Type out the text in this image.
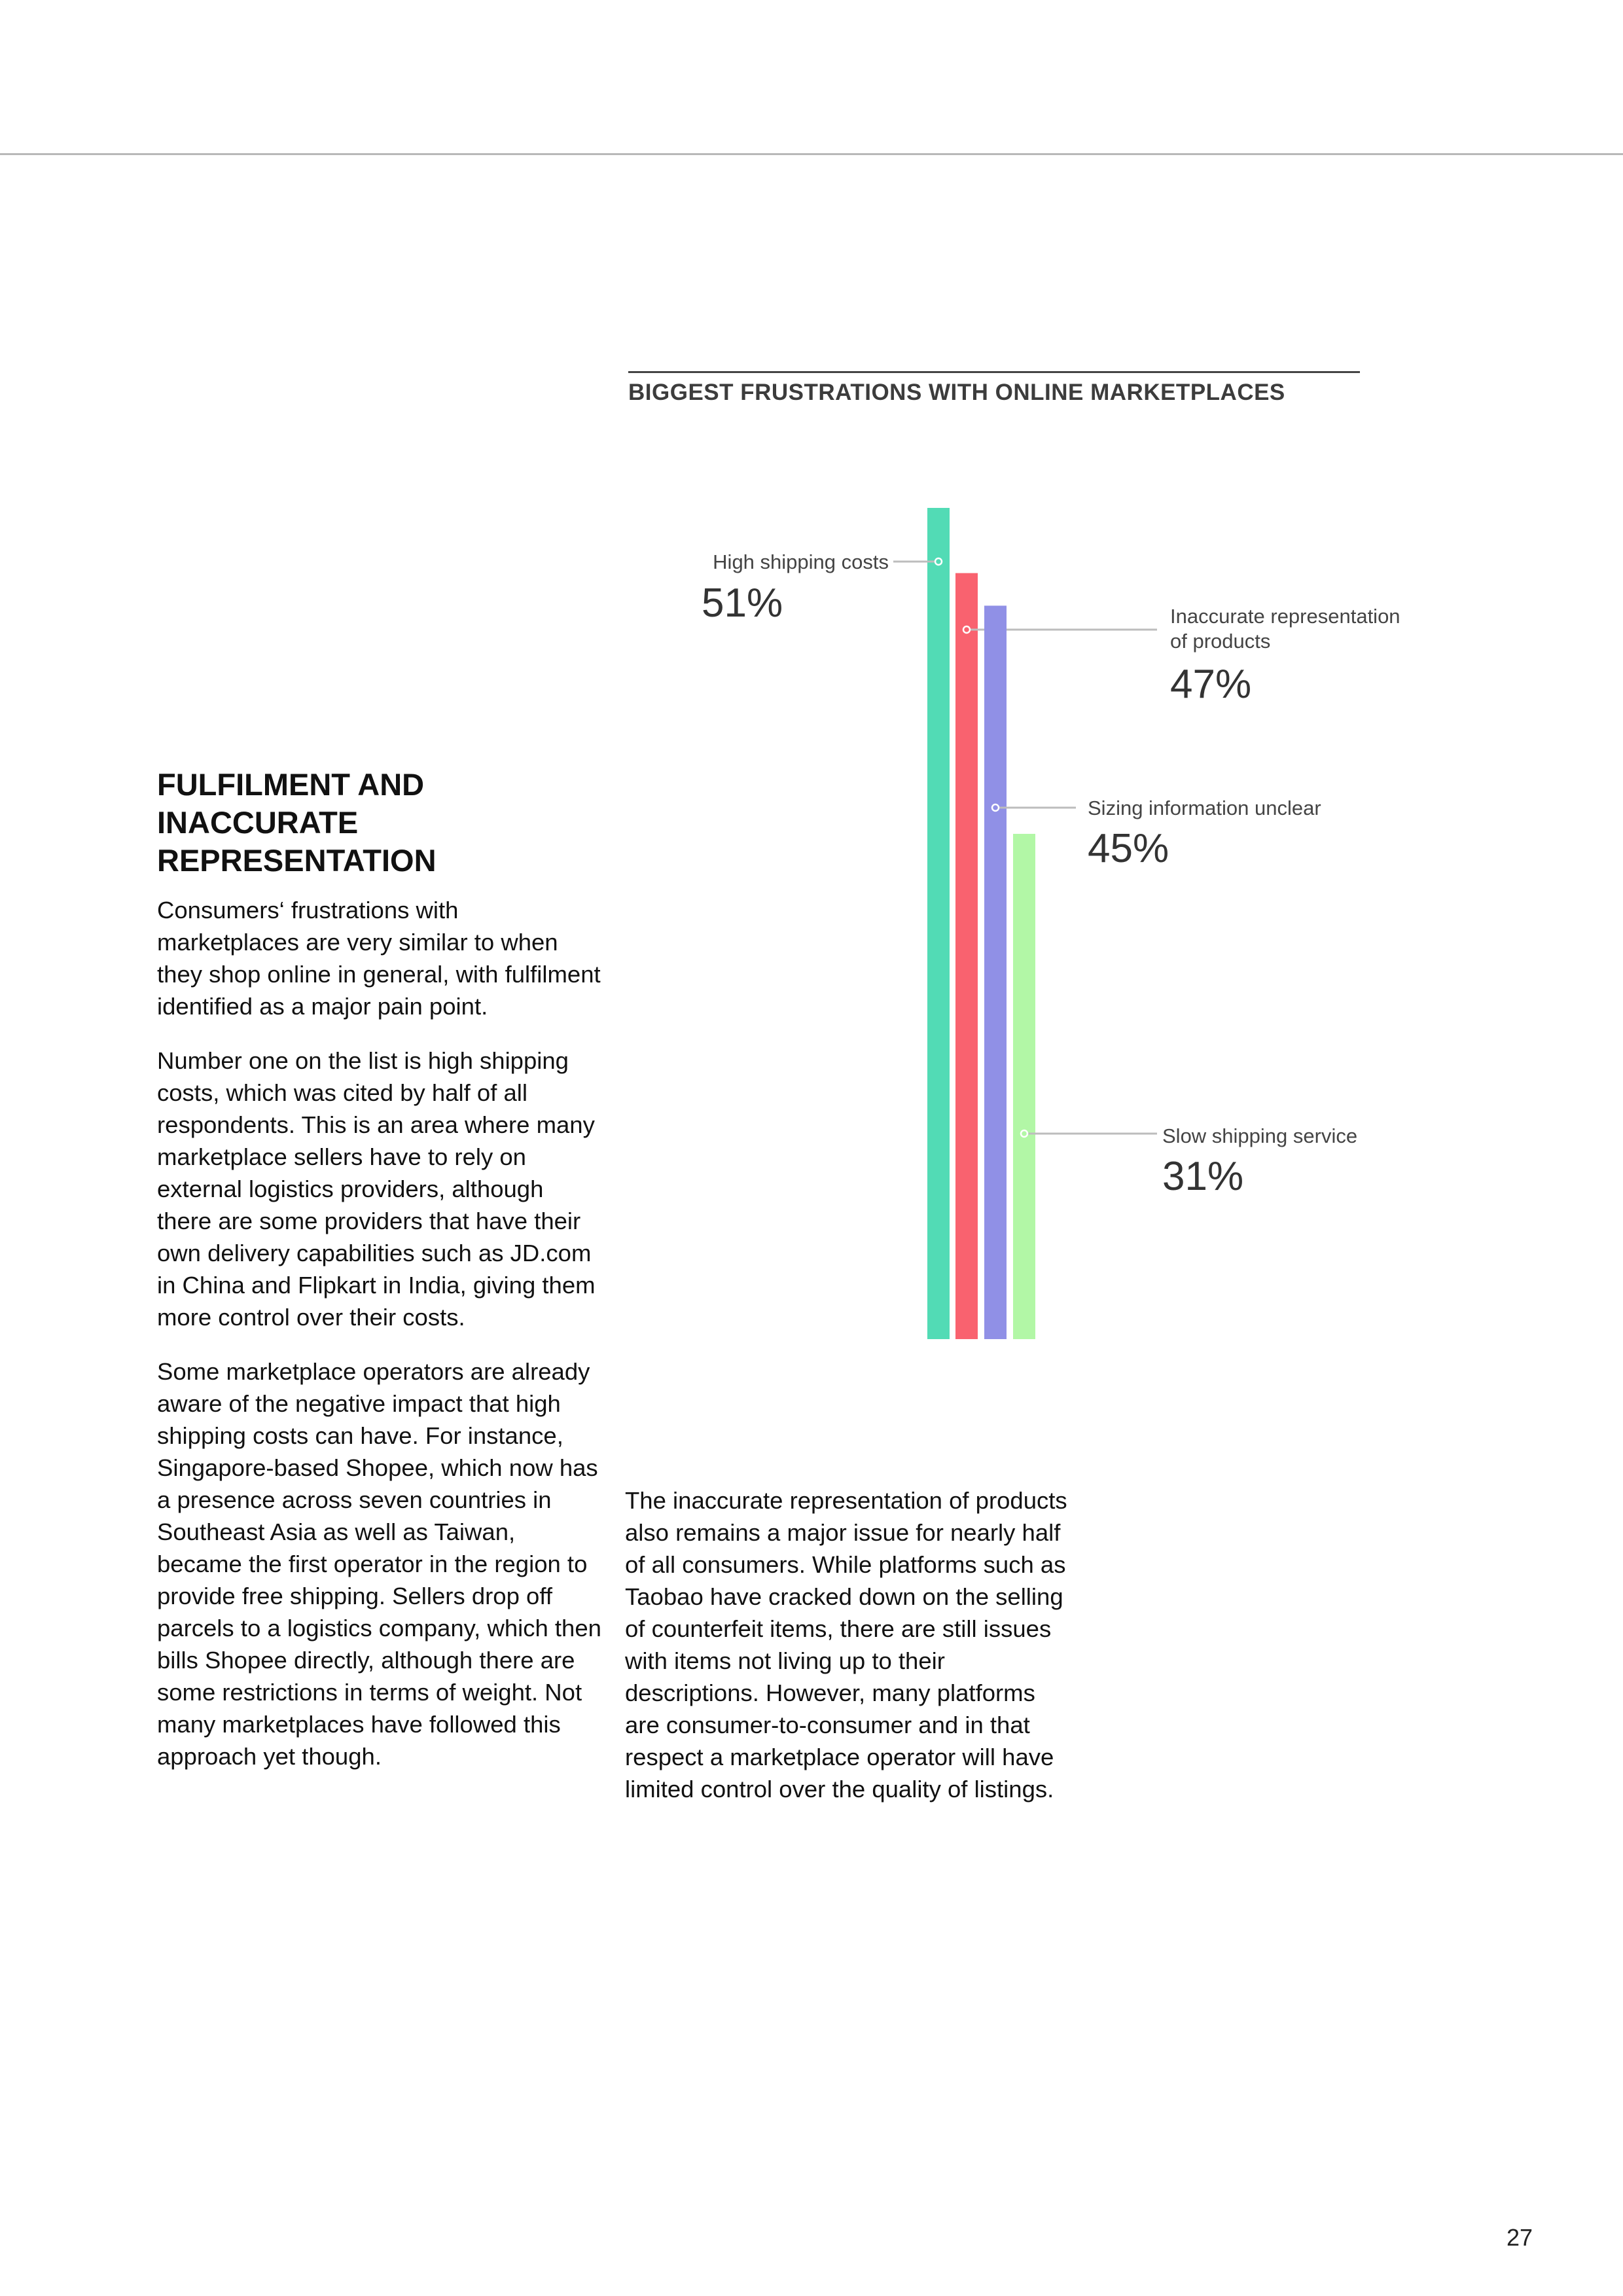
BIGGEST FRUSTRATIONS WITH ONLINE MARKETPLACES
High shipping costs
51%	Inaccurate representation
of products
47%
Sizing information unclear
45%
Slow shipping service
31%
FULFILMENT AND
INACCURATE
REPRESENTATION

Consumers‘ frustrations with marketplaces are very similar to when they shop online in general, with fulfilment identified as a major pain point.

Number one on the list is high shipping costs, which was cited by half of all respondents. This is an area where many marketplace sellers have to rely on external logistics providers, although there are some providers that have their own delivery capabilities such as JD.com in China and Flipkart in India, giving them more control over their costs.

Some marketplace operators are already aware of the negative impact that high shipping costs can have. For instance, Singapore-based Shopee, which now has a presence across seven countries in Southeast Asia as well as Taiwan, became the first operator in the region to provide free shipping. Sellers drop off parcels to a logistics company, which then bills Shopee directly, although there are some restrictions in terms of weight. Not many marketplaces have followed this approach yet though.

The inaccurate representation of products also remains a major issue for nearly half of all consumers. While platforms such as Taobao have cracked down on the selling of counterfeit items, there are still issues with items not living up to their descriptions. However, many platforms are consumer-to-consumer and in that respect a marketplace operator will have limited control over the quality of listings.

27
